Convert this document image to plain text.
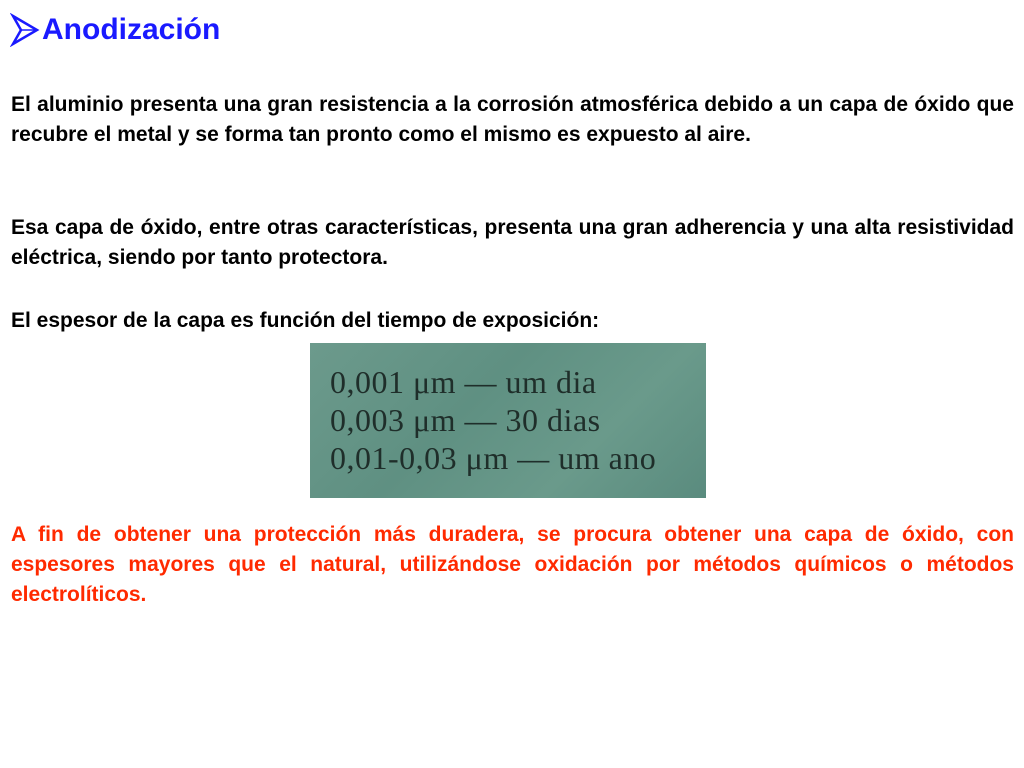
Anodización
El aluminio presenta una gran resistencia a la corrosión atmosférica debido a un capa de óxido que recubre el metal y se forma tan pronto como el mismo es expuesto al aire.
Esa capa de óxido, entre otras características, presenta una gran adherencia y una alta resistividad eléctrica, siendo por tanto protectora.
El espesor de la capa es función del tiempo de exposición:
0,001 μm — um dia
0,003 μm — 30 dias
0,01-0,03 μm — um ano
A fin de obtener una protección más duradera, se procura obtener una capa de óxido, con espesores mayores que el natural, utilizándose oxidación por métodos químicos o métodos electrolíticos.
